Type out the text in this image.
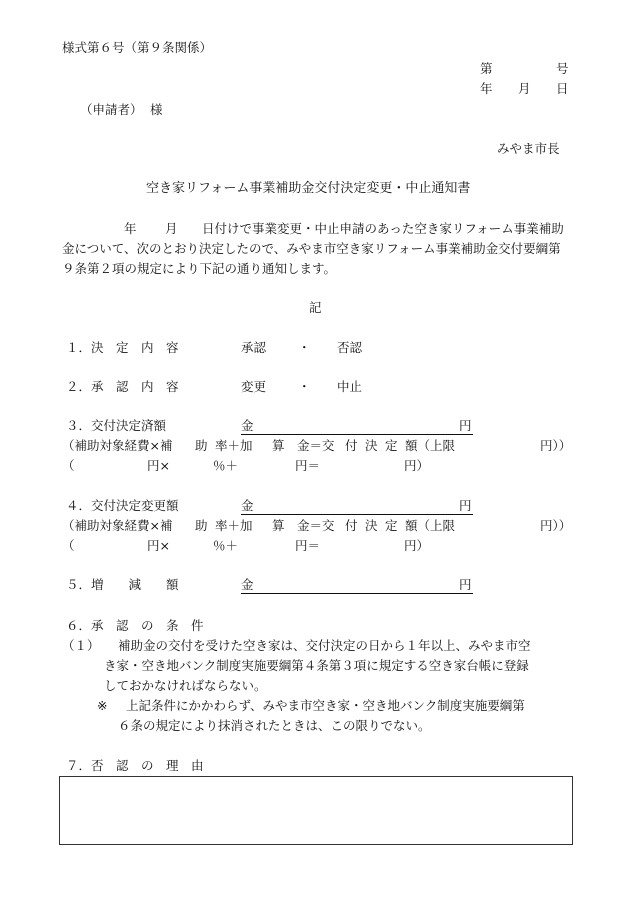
様式第６号（第９条関係）
第	号
年 月 日
（申請者） 様
みやま市長
空き家リフォーム事業補助金交付決定変更・中止通知書
年 月 日付けで事業変更・中止申請のあった空き家リフォーム事業補助
金について、次のとおり決定したので、みやま市空き家リフォーム事業補助金交付要綱第
９条第２項の規定により下記の通り通知します。
記
１．決　定　内　容	承認	・ 否認
２．承　認　内　容	変更	・ 中止
３．交付決定済額	金	円
（補助対象経費×補 助 率＋加 算 金＝交 付 決 定 額（上限	円））
（	円×	％＋	円＝	円）
４．交付決定変更額	金	円
（補助対象経費×補 助 率＋加 算 金＝交 付 決 定 額（上限	円））
（	円×	％＋	円＝	円）
５．増　　減　　額	金	円
６．承　認　の　条　件
（１） 補助金の交付を受けた空き家は、交付決定の日から１年以上、みやま市空
き家・空き地バンク制度実施要綱第４条第３項に規定する空き家台帳に登録
しておかなければならない。
※ 上記条件にかかわらず、みやま市空き家・空き地バンク制度実施要綱第
６条の規定により抹消されたときは、この限りでない。
７．否　認　の　理　由
